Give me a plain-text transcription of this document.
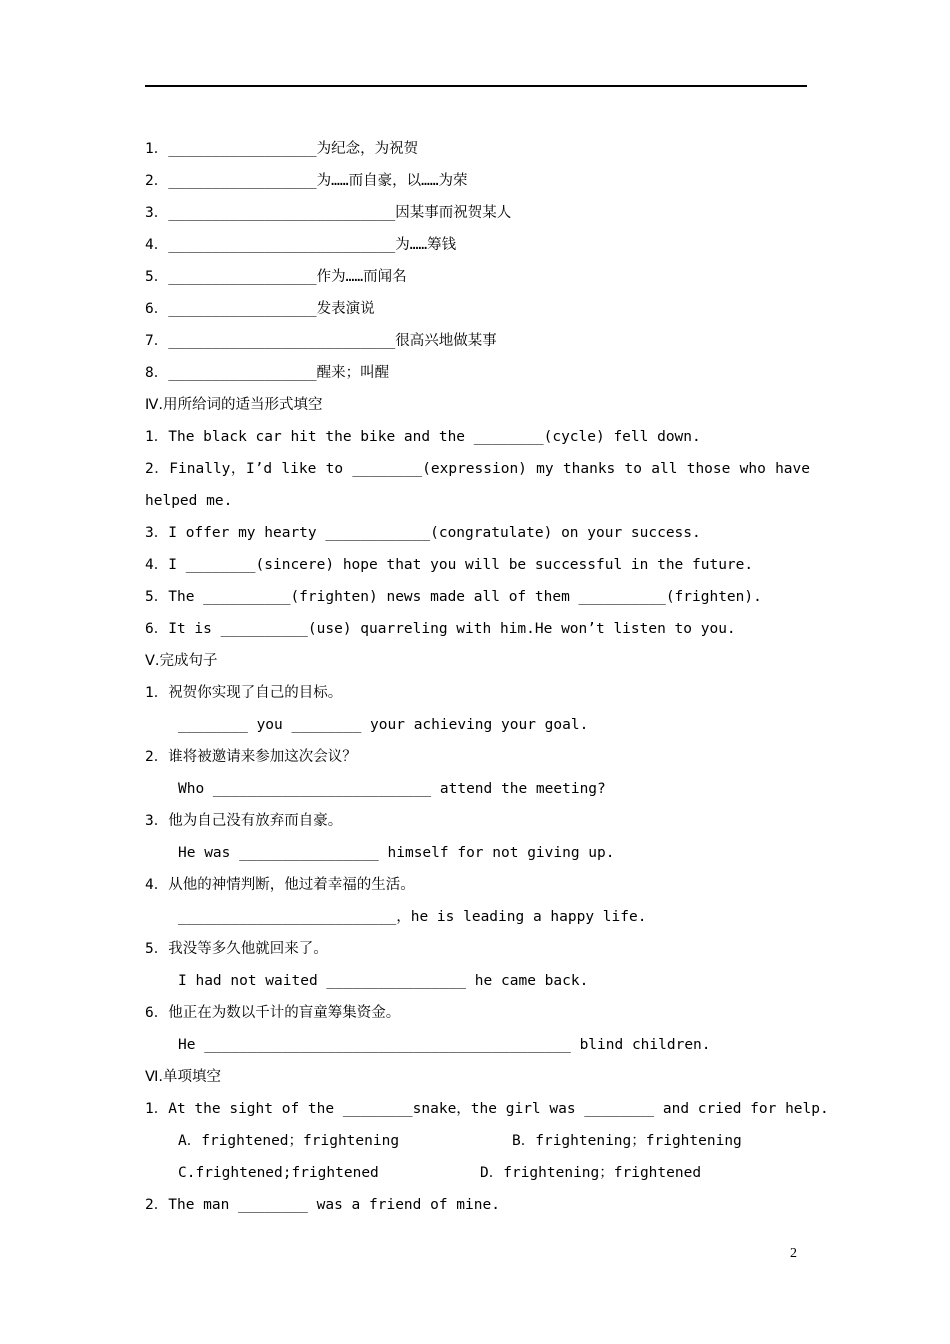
1．_________________为纪念，为祝贺
2．_________________为……而自豪，以……为荣
3．__________________________因某事而祝贺某人
4．__________________________为……筹钱
5．_________________作为……而闻名
6．_________________发表演说
7．__________________________很高兴地做某事
8．_________________醒来；叫醒
Ⅳ.用所给词的适当形式填空
1．The black car hit the bike and the ________(cycle) fell down.
2．Finally，I’d like to ________(expression) my thanks to all those who have helped me.
3．I offer my hearty ____________(congratulate) on your success.
4．I ________(sincere) hope that you will be successful in the future.
5．The __________(frighten) news made all of them __________(frighten).
6．It is __________(use) quarreling with him.He won’t listen to you.
Ⅴ.完成句子
1．祝贺你实现了自己的目标。
________ you ________ your achieving your goal.
2．谁将被邀请来参加这次会议？
Who _________________________ attend the meeting?
3．他为自己没有放弃而自豪。
He was ________________ himself for not giving up.
4．从他的神情判断，他过着幸福的生活。
_________________________，he is leading a happy life.
5．我没等多久他就回来了。
I had not waited ________________ he came back.
6．他正在为数以千计的盲童筹集资金。
He __________________________________________ blind children.
Ⅵ.单项填空
1．At the sight of the ________snake，the girl was ________ and cried for help.
A．frightened；frightening	B．frightening；frightening
C.frightened;frightened	D．frightening；frightened
2．The man ________ was a friend of mine.
2
